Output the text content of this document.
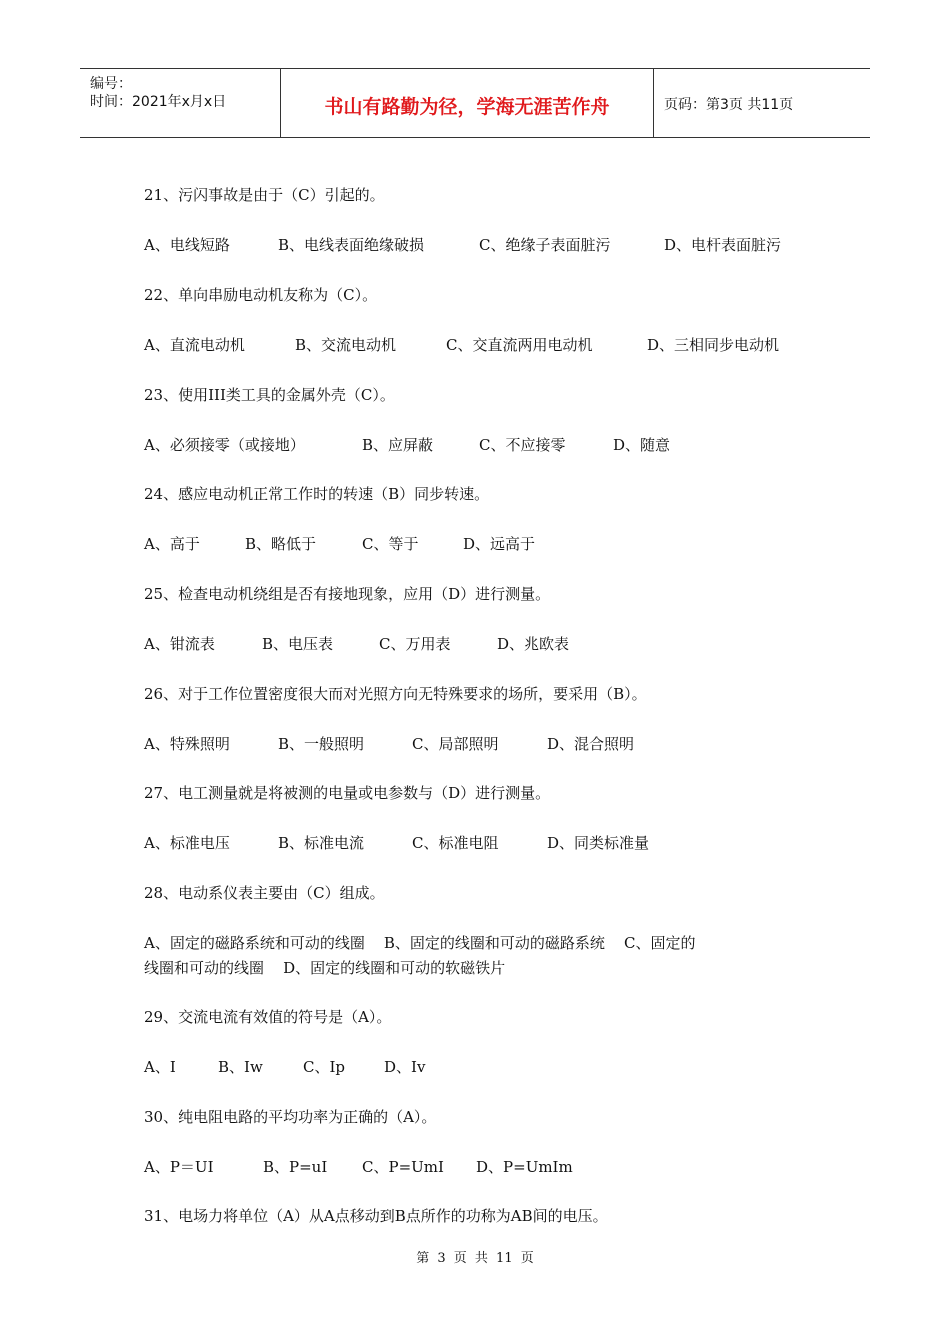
编号：
时间：2021年x月x日	书山有路勤为径，学海无涯苦作舟	页码：第3页 共11页
21、污闪事故是由于（C）引起的。
A、电线短路	B、电线表面绝缘破损	C、绝缘子表面脏污	D、电杆表面脏污
22、单向串励电动机友称为（C）。
A、直流电动机	B、交流电动机	C、交直流两用电动机	D、三相同步电动机
23、使用III类工具的金属外壳（C）。
A、必须接零（或接地）	B、应屏蔽	C、不应接零	D、随意
24、感应电动机正常工作时的转速（B）同步转速。
A、高于	B、略低于	C、等于	D、远高于
25、检查电动机绕组是否有接地现象，应用（D）进行测量。
A、钳流表	B、电压表	C、万用表	D、兆欧表
26、对于工作位置密度很大而对光照方向无特殊要求的场所，要采用（B）。
A、特殊照明	B、一般照明	C、局部照明	D、混合照明
27、电工测量就是将被测的电量或电参数与（D）进行测量。
A、标准电压	B、标准电流	C、标准电阻	D、同类标准量
28、电动系仪表主要由（C）组成。
A、固定的磁路系统和可动的线圈    B、固定的线圈和可动的磁路系统    C、固定的
线圈和可动的线圈    D、固定的线圈和可动的软磁铁片
29、交流电流有效值的符号是（A）。
A、I	B、Iw	C、Ip	D、Iv
30、纯电阻电路的平均功率为正确的（A）。
A、P＝UI	B、P=uI C、P=UmI D、P=UmIm
31、电场力将单位（A）从A点移动到B点所作的功称为AB间的电压。
第 3 页 共 11 页
